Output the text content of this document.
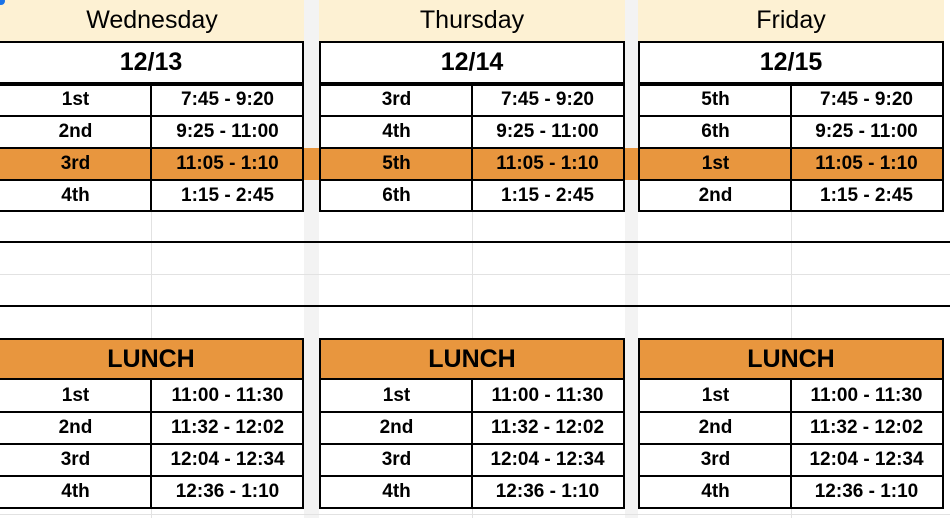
Wednesday
12/13
1st	7:45 - 9:20
2nd	9:25 - 11:00
3rd	11:05 - 1:10
4th	1:15 - 2:45
LUNCH
1st	11:00 - 11:30
2nd	11:32 - 12:02
3rd	12:04 - 12:34
4th	12:36 - 1:10
Thursday
12/14
3rd	7:45 - 9:20
4th	9:25 - 11:00
5th	11:05 - 1:10
6th	1:15 - 2:45
LUNCH
1st	11:00 - 11:30
2nd	11:32 - 12:02
3rd	12:04 - 12:34
4th	12:36 - 1:10
Friday
12/15
5th	7:45 - 9:20
6th	9:25 - 11:00
1st	11:05 - 1:10
2nd	1:15 - 2:45
LUNCH
1st	11:00 - 11:30
2nd	11:32 - 12:02
3rd	12:04 - 12:34
4th	12:36 - 1:10
